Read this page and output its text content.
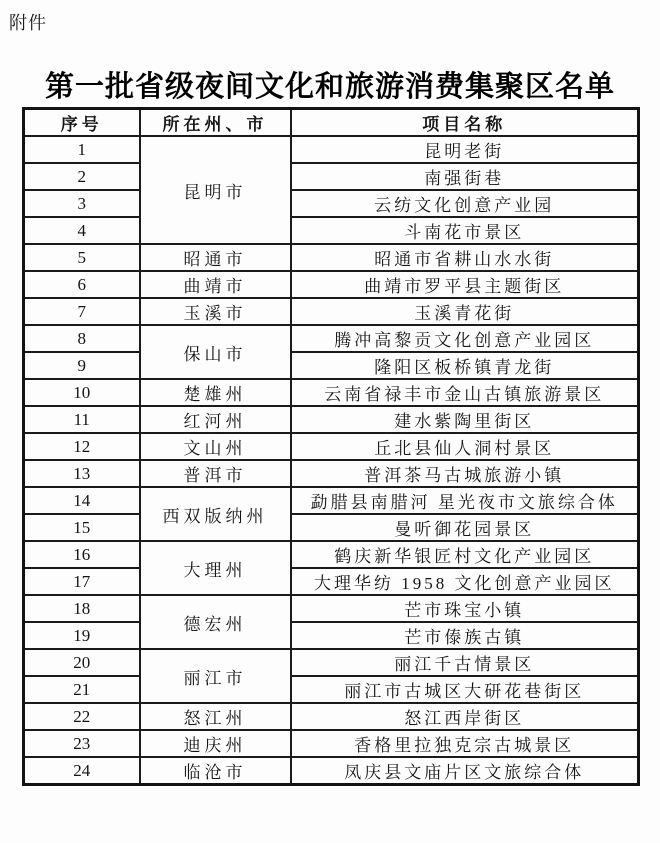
附件
第一批省级夜间文化和旅游消费集聚区名单
序号	所在州、市	项目名称
1	昆明市	昆明老街
2		南强街巷
3		云纺文化创意产业园
4		斗南花市景区
5	昭通市	昭通市省耕山水水街
6	曲靖市	曲靖市罗平县主题街区
7	玉溪市	玉溪青花街
8	保山市	腾冲高黎贡文化创意产业园区
9		隆阳区板桥镇青龙街
10	楚雄州	云南省禄丰市金山古镇旅游景区
11	红河州	建水紫陶里街区
12	文山州	丘北县仙人洞村景区
13	普洱市	普洱茶马古城旅游小镇
14	西双版纳州	勐腊县南腊河 星光夜市文旅综合体
15		曼听御花园景区
16	大理州	鹤庆新华银匠村文化产业园区
17		大理华纺 1958 文化创意产业园区
18	德宏州	芒市珠宝小镇
19		芒市傣族古镇
20	丽江市	丽江千古情景区
21		丽江市古城区大研花巷街区
22	怒江州	怒江西岸街区
23	迪庆州	香格里拉独克宗古城景区
24	临沧市	凤庆县文庙片区文旅综合体
